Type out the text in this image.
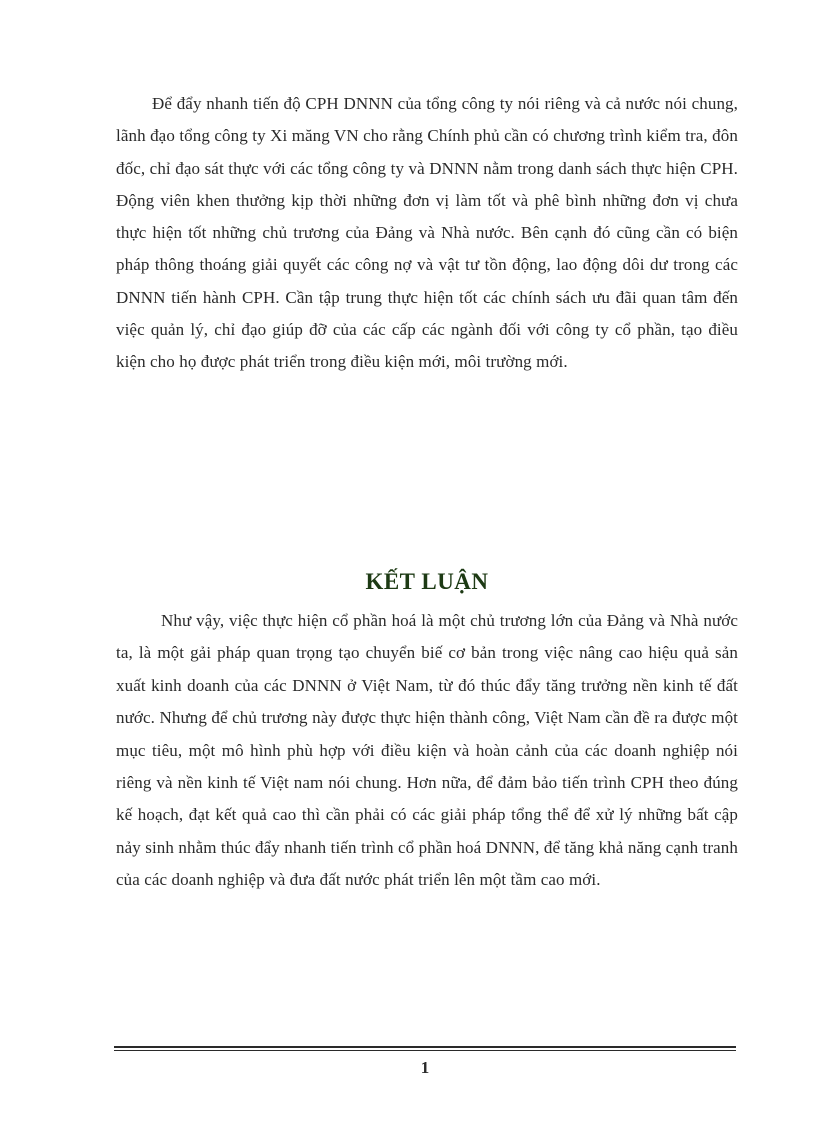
Để đẩy nhanh tiến độ CPH DNNN của tổng công ty nói riêng và cả nước nói chung, lãnh đạo tổng công ty Xi măng VN cho rằng Chính phủ cần có chương trình kiểm tra, đôn đốc, chỉ đạo sát thực với các tổng công ty và DNNN nằm trong danh sách thực hiện CPH. Động viên khen thưởng kịp thời những đơn vị làm tốt và phê bình những đơn vị chưa thực hiện tốt những chủ trương của Đảng và Nhà nước. Bên cạnh đó cũng cần có biện pháp thông thoáng giải quyết các công nợ và vật tư tồn động, lao động dôi dư trong các DNNN tiến hành CPH. Cần tập trung thực hiện tốt các chính sách ưu đãi quan tâm đến việc quản lý, chỉ đạo giúp đỡ của các cấp các ngành đối với công ty cổ phần, tạo điều kiện cho họ được phát triển trong điều kiện mới, môi trường mới.

KẾT LUẬN

Như vậy, việc thực hiện cổ phần hoá là một chủ trương lớn của Đảng và Nhà nước ta, là một gải pháp quan trọng tạo chuyển biế cơ bản trong việc nâng cao hiệu quả sản xuất kinh doanh của các DNNN ở Việt Nam, từ đó thúc đẩy tăng trưởng nền kinh tế đất nước. Nhưng để chủ trương này được thực hiện thành công, Việt Nam cần đề ra được một mục tiêu, một mô hình phù hợp với điều kiện và hoàn cảnh của các doanh nghiệp nói riêng và nền kinh tế Việt nam nói chung. Hơn nữa, để đảm bảo tiến trình CPH theo đúng kế hoạch, đạt kết quả cao thì cần phải có các giải pháp tổng thể để xử lý những bất cập nảy sinh nhằm thúc đẩy nhanh tiến trình cổ phần hoá DNNN, để tăng khả năng cạnh tranh của các doanh nghiệp và đưa đất nước phát triển lên một tầm cao mới.

1
